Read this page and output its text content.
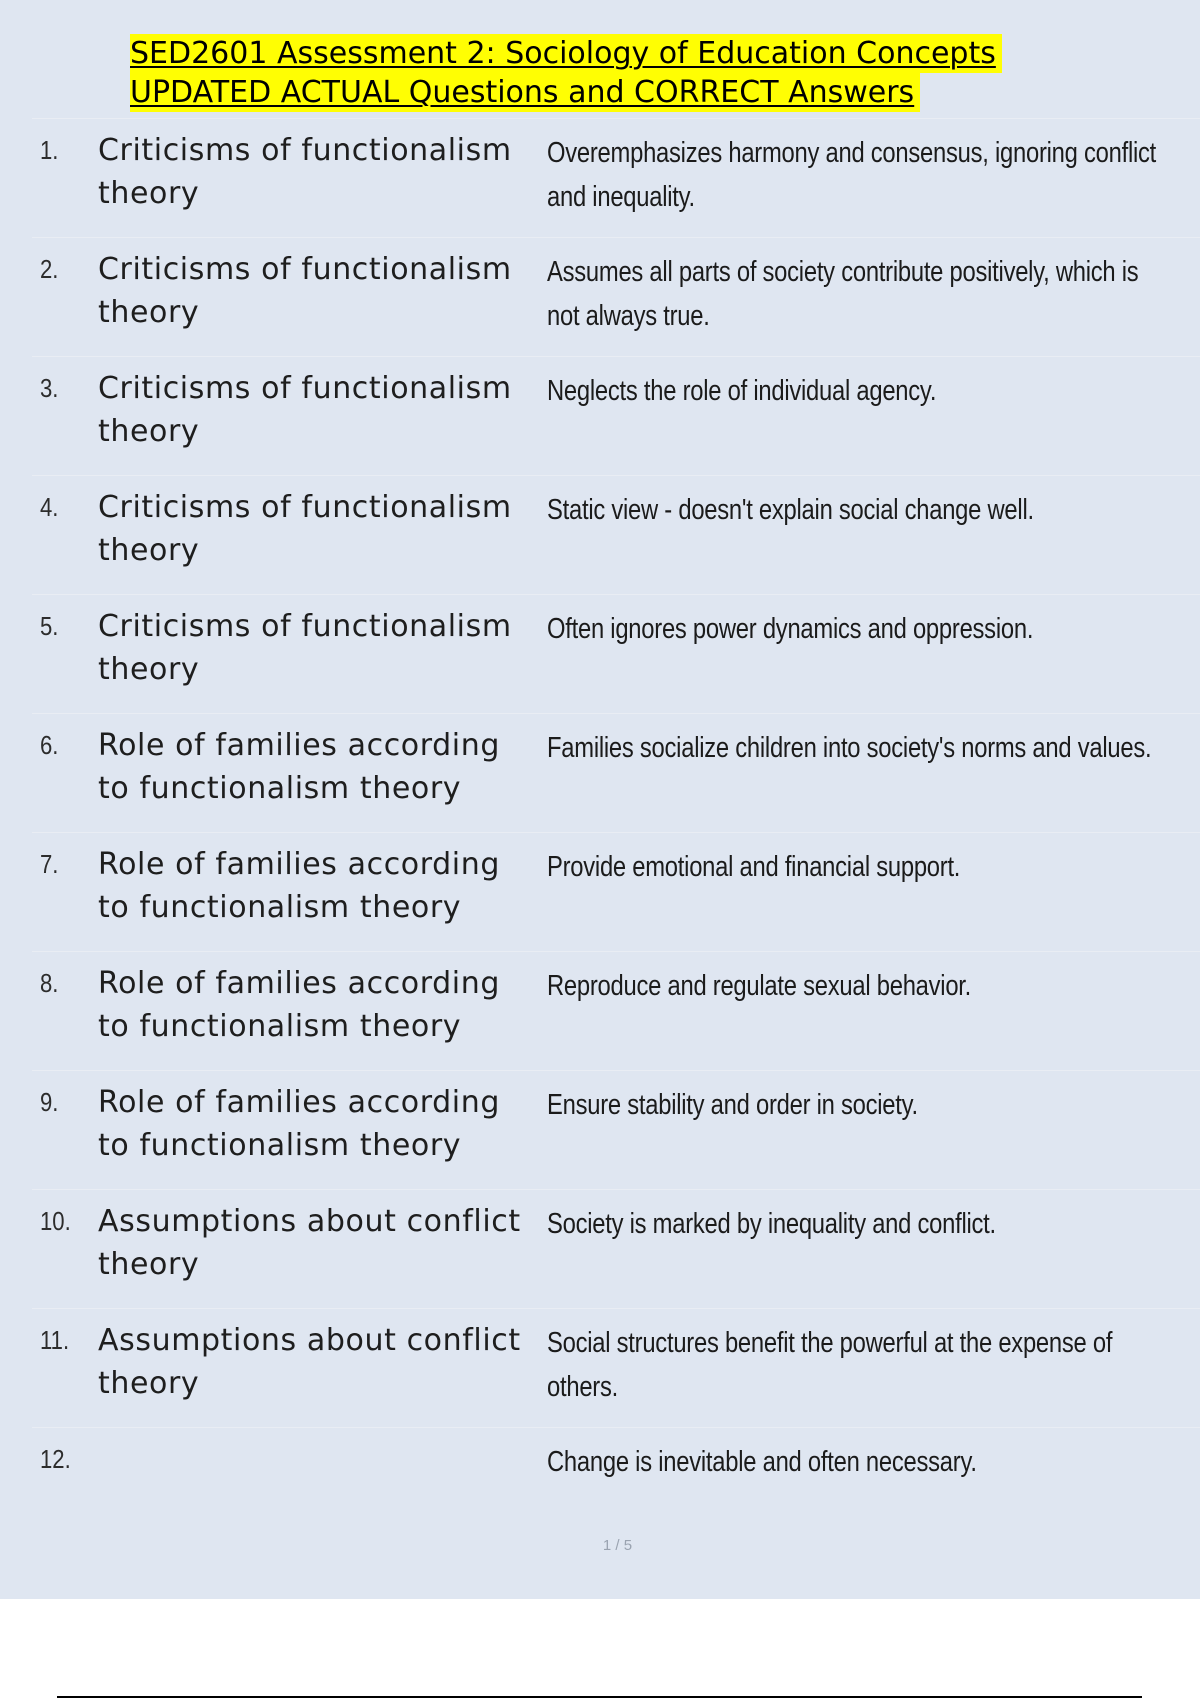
SED2601 Assessment 2: Sociology of Education Concepts
UPDATED ACTUAL Questions and CORRECT Answers
1. Criticisms of functionalism theory
Overemphasizes harmony and consensus, ignoring conflict and inequality.
2. Criticisms of functionalism theory
Assumes all parts of society contribute positively, which is not always true.
3. Criticisms of functionalism theory
Neglects the role of individual agency.
4. Criticisms of functionalism theory
Static view - doesn't explain social change well.
5. Criticisms of functionalism theory
Often ignores power dynamics and oppression.
6. Role of families according to functionalism theory
Families socialize children into society's norms and values.
7. Role of families according to functionalism theory
Provide emotional and financial support.
8. Role of families according to functionalism theory
Reproduce and regulate sexual behavior.
9. Role of families according to functionalism theory
Ensure stability and order in society.
10. Assumptions about conflict theory
Society is marked by inequality and conflict.
11. Assumptions about conflict theory
Social structures benefit the powerful at the expense of others.
12.	Change is inevitable and often necessary.
1 / 5
